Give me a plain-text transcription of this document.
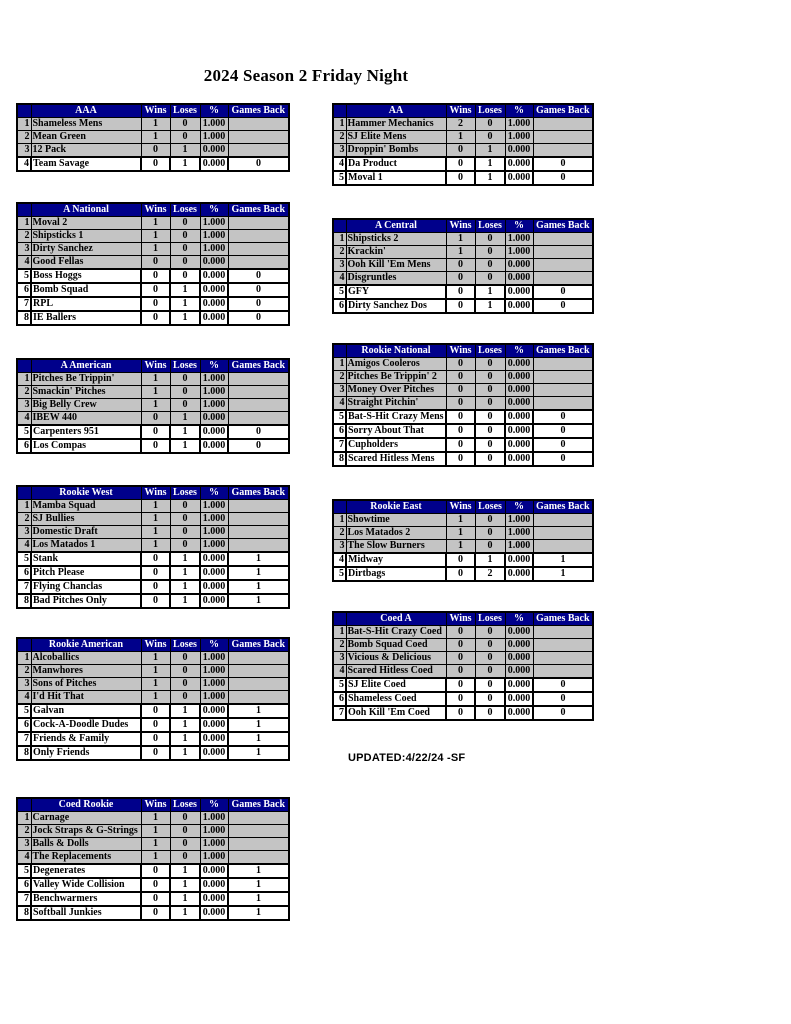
2024 Season 2 Friday Night
	AAA	Wins	Loses	%	Games Back
1	Shameless Mens	1	0	1.000	
2	Mean Green	1	0	1.000	
3	12 Pack	0	1	0.000	
4	Team Savage	0	1	0.000	0
	AA	Wins	Loses	%	Games Back
1	Hammer Mechanics	2	0	1.000	
2	SJ Elite Mens	1	0	1.000	
3	Droppin' Bombs	0	1	0.000	
4	Da Product	0	1	0.000	0
5	Moval 1	0	1	0.000	0
	A National	Wins	Loses	%	Games Back
1	Moval 2	1	0	1.000	
2	Shipsticks 1	1	0	1.000	
3	Dirty Sanchez	1	0	1.000	
4	Good Fellas	0	0	0.000	
5	Boss Hoggs	0	0	0.000	0
6	Bomb Squad	0	1	0.000	0
7	RPL	0	1	0.000	0
8	IE Ballers	0	1	0.000	0
	A Central	Wins	Loses	%	Games Back
1	Shipsticks 2	1	0	1.000	
2	Krackin'	1	0	1.000	
3	Ooh Kill 'Em Mens	0	0	0.000	
4	Disgruntles	0	0	0.000	
5	GFY	0	1	0.000	0
6	Dirty Sanchez Dos	0	1	0.000	0
	A American	Wins	Loses	%	Games Back
1	Pitches Be Trippin'	1	0	1.000	
2	Smackin' Pitches	1	0	1.000	
3	Big Belly Crew	1	0	1.000	
4	IBEW 440	0	1	0.000	
5	Carpenters 951	0	1	0.000	0
6	Los Compas	0	1	0.000	0
	Rookie National	Wins	Loses	%	Games Back
1	Amigos Cooleros	0	0	0.000	
2	Pitches Be Trippin' 2	0	0	0.000	
3	Money Over Pitches	0	0	0.000	
4	Straight Pitchin'	0	0	0.000	
5	Bat-S-Hit Crazy Mens	0	0	0.000	0
6	Sorry About That	0	0	0.000	0
7	Cupholders	0	0	0.000	0
8	Scared Hitless Mens	0	0	0.000	0
	Rookie West	Wins	Loses	%	Games Back
1	Mamba Squad	1	0	1.000	
2	SJ Bullies	1	0	1.000	
3	Domestic Draft	1	0	1.000	
4	Los Matados 1	1	0	1.000	
5	Stank	0	1	0.000	1
6	Pitch Please	0	1	0.000	1
7	Flying Chanclas	0	1	0.000	1
8	Bad Pitches Only	0	1	0.000	1
	Rookie East	Wins	Loses	%	Games Back
1	Showtime	1	0	1.000	
2	Los Matados 2	1	0	1.000	
3	The Slow Burners	1	0	1.000	
4	Midway	0	1	0.000	1
5	Dirtbags	0	2	0.000	1
	Rookie American	Wins	Loses	%	Games Back
1	Alcoballics	1	0	1.000	
2	Manwhores	1	0	1.000	
3	Sons of Pitches	1	0	1.000	
4	I'd Hit That	1	0	1.000	
5	Galvan	0	1	0.000	1
6	Cock-A-Doodle Dudes	0	1	0.000	1
7	Friends & Family	0	1	0.000	1
8	Only Friends	0	1	0.000	1
	Coed A	Wins	Loses	%	Games Back
1	Bat-S-Hit Crazy Coed	0	0	0.000	
2	Bomb Squad Coed	0	0	0.000	
3	Vicious & Delicious	0	0	0.000	
4	Scared Hitless Coed	0	0	0.000	
5	SJ Elite Coed	0	0	0.000	0
6	Shameless Coed	0	0	0.000	0
7	Ooh Kill 'Em Coed	0	0	0.000	0
	Coed Rookie	Wins	Loses	%	Games Back
1	Carnage	1	0	1.000	
2	Jock Straps & G-Strings	1	0	1.000	
3	Balls & Dolls	1	0	1.000	
4	The Replacements	1	0	1.000	
5	Degenerates	0	1	0.000	1
6	Valley Wide Collision	0	1	0.000	1
7	Benchwarmers	0	1	0.000	1
8	Softball Junkies	0	1	0.000	1
UPDATED:4/22/24 -SF
